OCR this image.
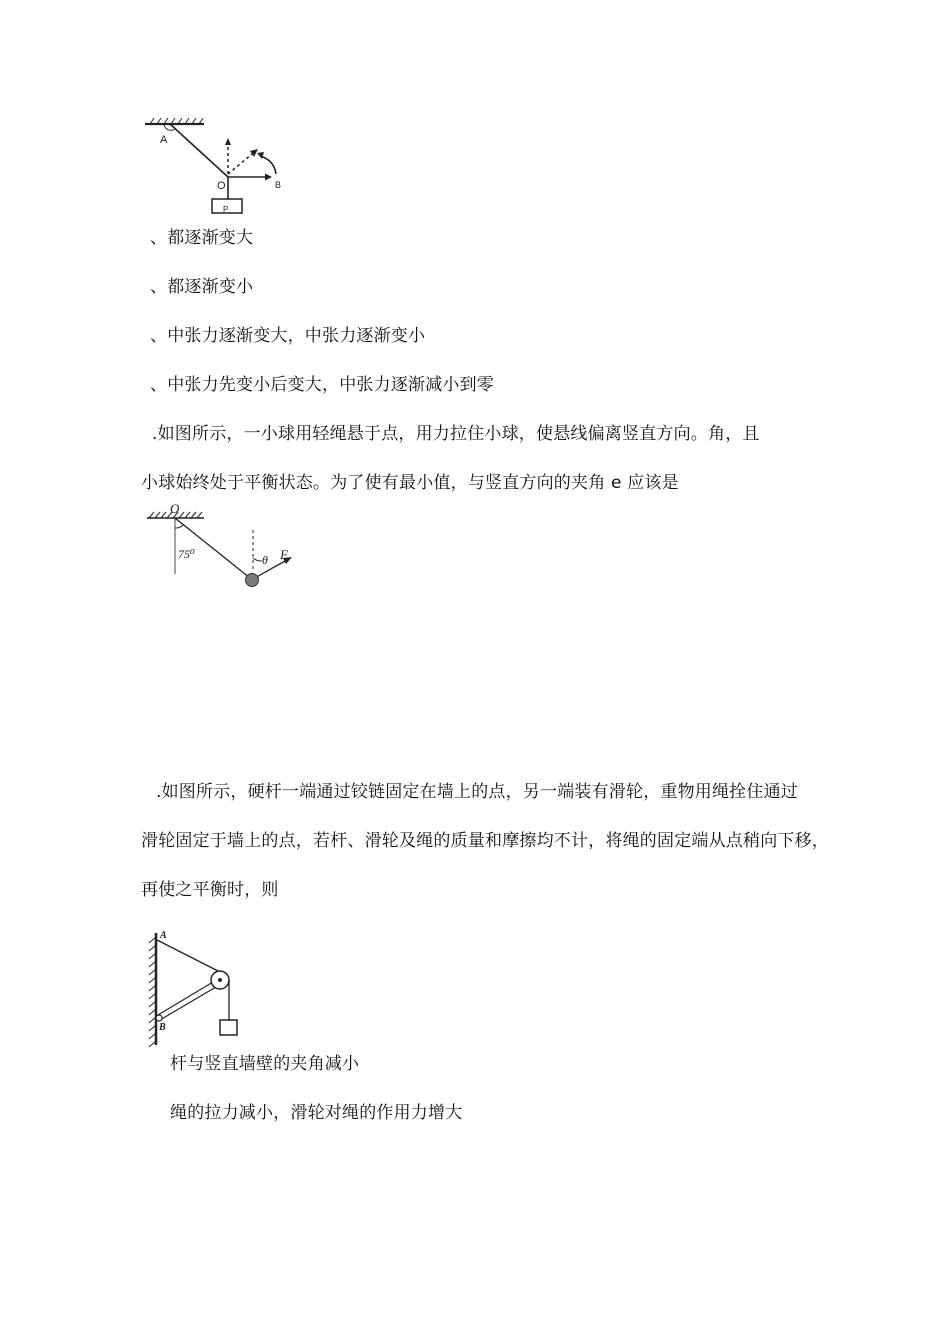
A
O	B
P
、都逐渐变大
、都逐渐变小
、中张力逐渐变大，中张力逐渐变小
、中张力先变小后变大，中张力逐渐减小到零
.如图所示，一小球用轻绳悬于点，用力拉住小球，使悬线偏离竖直方向。角，且
小球始终处于平衡状态。为了使有最小值，与竖直方向的夹角 e 应该是
O
75⁰	θ F
.如图所示，硬杆一端通过铰链固定在墙上的点，另一端装有滑轮，重物用绳拴住通过
滑轮固定于墙上的点，若杆、滑轮及绳的质量和摩擦均不计，将绳的固定端从点稍向下移，
再使之平衡时，则
A
B
杆与竖直墙壁的夹角减小
绳的拉力减小，滑轮对绳的作用力增大
